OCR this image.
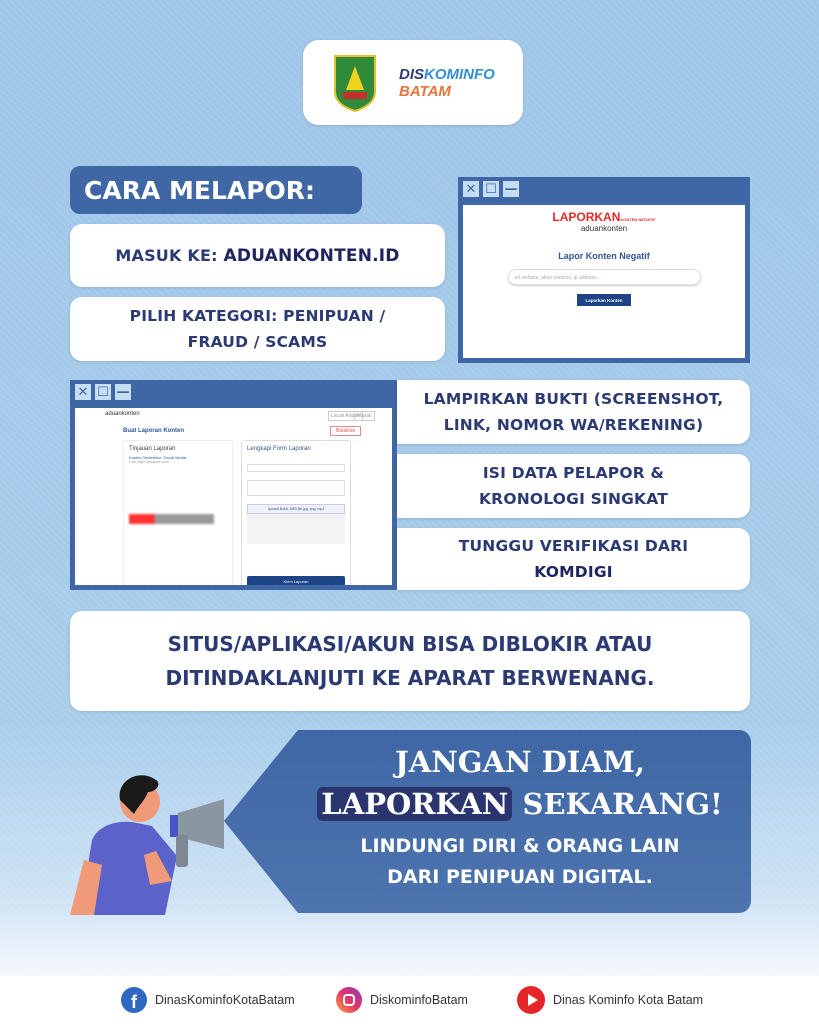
DISKOMINFO
BATAM
CARA MELAPOR:
MASUK KE: ADUANKONTEN.ID
PILIH KATEGORI: PENIPUAN /
FRAUD / SCAMS
✕ ☐ —
LAPORKANKONTEN NEGATIF
aduankonten
Lapor Konten Negatif
url website, akun medsos, ip address...
Laporkan Konten
✕ ☐ —
aduankonten	Lacak Aduan
Masuk
Buat Laporan Konten	Batalkan
Tinjauan Laporan
Konten Terdeteksi: Social Media
Link: https://youtube.com/
Lengkapi Form Laporan
Upload Bukti, 2MB file jpg, png, mp4
Kirim Laporan
LAMPIRKAN BUKTI (SCREENSHOT,
LINK, NOMOR WA/REKENING)
ISI DATA PELAPOR &
KRONOLOGI SINGKAT
TUNGGU VERIFIKASI DARI
KOMDIGI
SITUS/APLIKASI/AKUN BISA DIBLOKIR ATAU
DITINDAKLANJUTI KE APARAT BERWENANG.
JANGAN DIAM,
LAPORKAN SEKARANG!
LINDUNGI DIRI & ORANG LAIN
DARI PENIPUAN DIGITAL.
f	DinasKominfoKotaBatam	DiskominfoBatam	Dinas Kominfo Kota Batam
